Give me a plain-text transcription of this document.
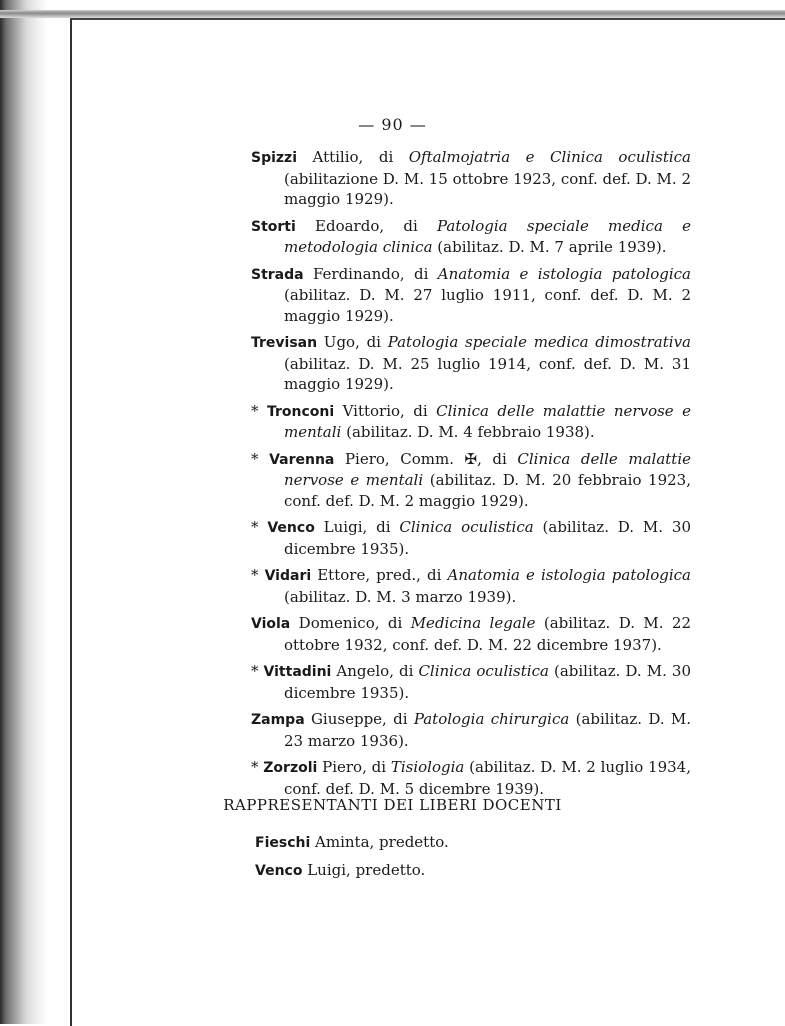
— 90 —
Spizzi Attilio, di Oftalmojatria e Clinica oculistica (abilitazione D. M. 15 ottobre 1923, conf. def. D. M. 2 maggio 1929).
Storti Edoardo, di Patologia speciale medica e metodologia clinica (abilitaz. D. M. 7 aprile 1939).
Strada Ferdinando, di Anatomia e istologia patologica (abilitaz. D. M. 27 luglio 1911, conf. def. D. M. 2 maggio 1929).
Trevisan Ugo, di Patologia speciale medica dimostrativa (abilitaz. D. M. 25 luglio 1914, conf. def. D. M. 31 maggio 1929).
* Tronconi Vittorio, di Clinica delle malattie nervose e mentali (abilitaz. D. M. 4 febbraio 1938).
* Varenna Piero, Comm. ✠, di Clinica delle malattie nervose e mentali (abilitaz. D. M. 20 febbraio 1923, conf. def. D. M. 2 maggio 1929).
* Venco Luigi, di Clinica oculistica (abilitaz. D. M. 30 dicembre 1935).
* Vidari Ettore, pred., di Anatomia e istologia patologica (abilitaz. D. M. 3 marzo 1939).
Viola Domenico, di Medicina legale (abilitaz. D. M. 22 ottobre 1932, conf. def. D. M. 22 dicembre 1937).
* Vittadini Angelo, di Clinica oculistica (abilitaz. D. M. 30 dicembre 1935).
Zampa Giuseppe, di Patologia chirurgica (abilitaz. D. M. 23 marzo 1936).
* Zorzoli Piero, di Tisiologia (abilitaz. D. M. 2 luglio 1934, conf. def. D. M. 5 dicembre 1939).
RAPPRESENTANTI DEI LIBERI DOCENTI
Fieschi Aminta, predetto.
Venco Luigi, predetto.
